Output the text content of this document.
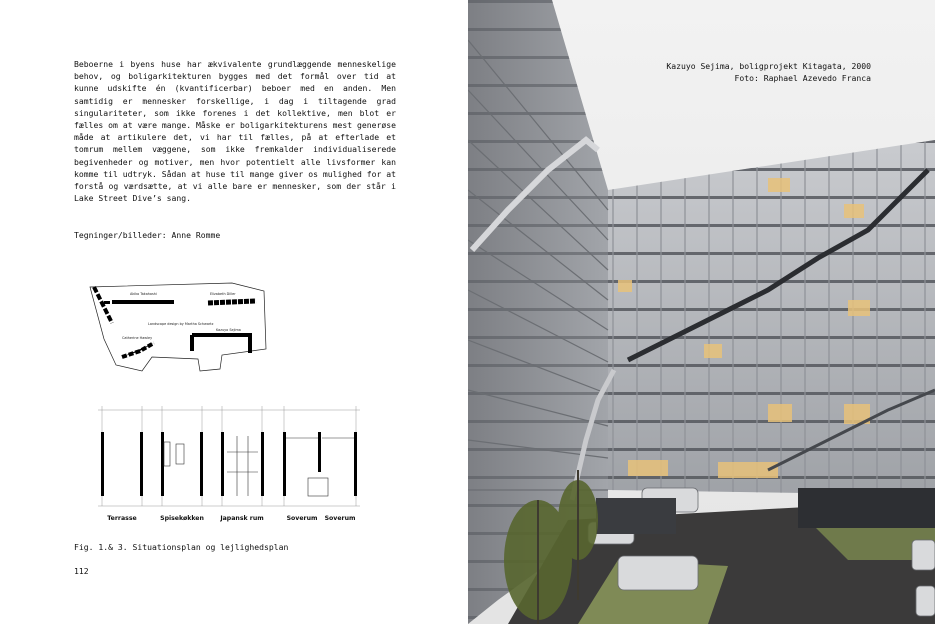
Beboerne i byens huse har ækvivalente grundlæggende menneskelige behov, og boligarkitekturen bygges med det formål over tid at kunne udskifte én (kvantificerbar) beboer med en anden. Men samtidig er mennesker forskellige, i dag i tiltagende grad singulariteter, som ikke forenes i det kollektive, men blot er fælles om at være mange. Måske er boligarkitekturens mest generøse måde at artikulere det, vi har til fælles, på at efterlade et tomrum mellem væggene, som ikke fremkalder individualiserede begivenheder og motiver, men hvor potentielt alle livsformer kan komme til udtryk. Sådan at huse til mange giver os mulighed for at forstå og værdsætte, at vi alle bare er mennesker, som der står i Lake Street Dive’s sang.

Tegninger/billeder: Anne Romme

Akiko Takahashi	Elizabeth Diller
Landscape design by Martha Schwartz
Catherine Hawley
Kazuyo Sejima
Terrasse	Spisekøkken	Japansk rum	Soverum Soverum

Fig. 1.& 3. Situationsplan og lejlighedsplan

112

Kazuyo Sejima, boligprojekt Kitagata, 2000
Foto: Raphael Azevedo Franca
